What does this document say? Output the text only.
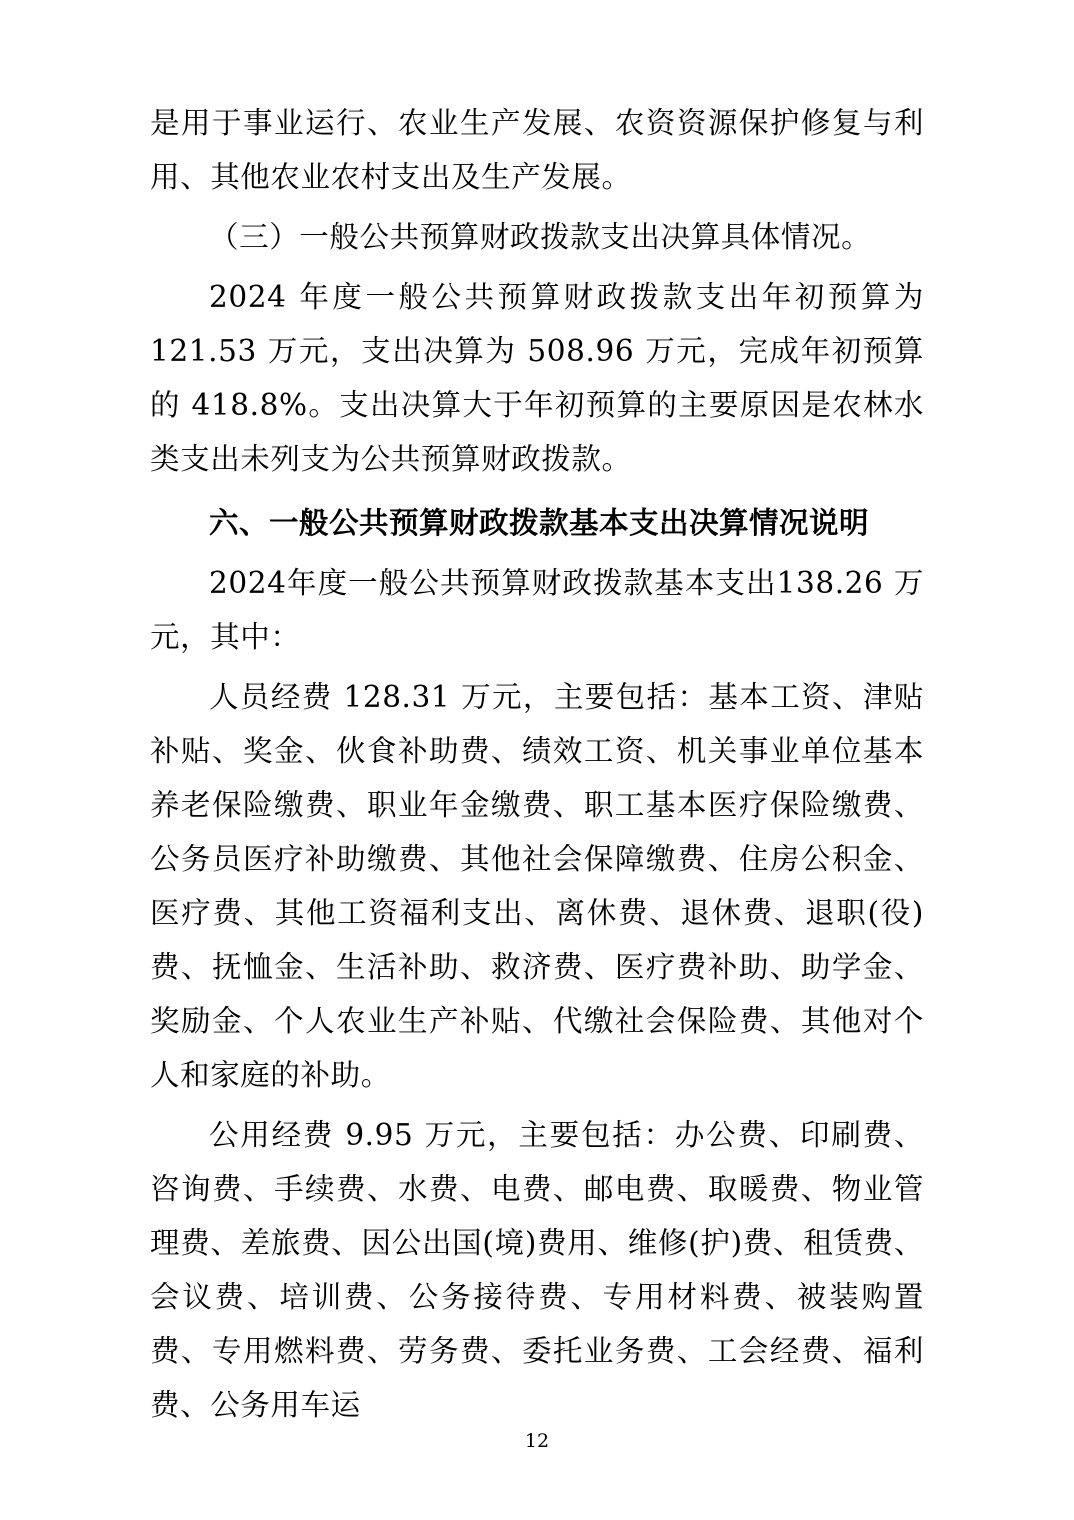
是用于事业运行、农业生产发展、农资资源保护修复与利用、其他农业农村支出及生产发展。

（三）一般公共预算财政拨款支出决算具体情况。

2024 年度一般公共预算财政拨款支出年初预算为 121.53 万元，支出决算为 508.96 万元，完成年初预算的 418.8%。支出决算大于年初预算的主要原因是农林水类支出未列支为公共预算财政拨款。

六、一般公共预算财政拨款基本支出决算情况说明

2024年度一般公共预算财政拨款基本支出138.26 万元，其中：

人员经费 128.31 万元，主要包括：基本工资、津贴补贴、奖金、伙食补助费、绩效工资、机关事业单位基本养老保险缴费、职业年金缴费、职工基本医疗保险缴费、公务员医疗补助缴费、其他社会保障缴费、住房公积金、医疗费、其他工资福利支出、离休费、退休费、退职(役)费、抚恤金、生活补助、救济费、医疗费补助、助学金、奖励金、个人农业生产补贴、代缴社会保险费、其他对个人和家庭的补助。

公用经费 9.95 万元，主要包括：办公费、印刷费、咨询费、手续费、水费、电费、邮电费、取暖费、物业管理费、差旅费、因公出国(境)费用、维修(护)费、租赁费、会议费、培训费、公务接待费、专用材料费、被装购置费、专用燃料费、劳务费、委托业务费、工会经费、福利费、公务用车运

12
